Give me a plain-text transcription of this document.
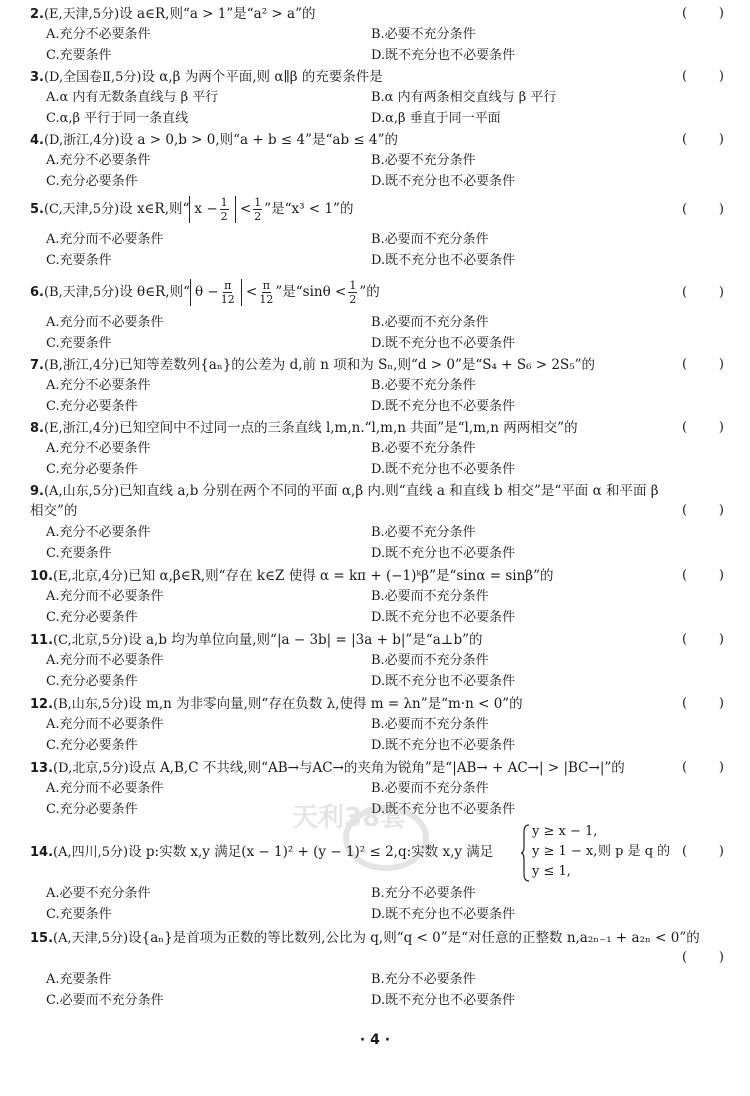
2.(E,天津,5分)设 a∈R,则“a > 1”是“a² > a”的	( )
A.充分不必要条件	B.必要不充分条件
C.充要条件	D.既不充分也不必要条件
3.(D,全国卷Ⅱ,5分)设 α,β 为两个平面,则 α∥β 的充要条件是	( )
A.α 内有无数条直线与 β 平行	B.α 内有两条相交直线与 β 平行
C.α,β 平行于同一条直线	D.α,β 垂直于同一平面
4.(D,浙江,4分)设 a > 0,b > 0,则“a + b ≤ 4”是“ab ≤ 4”的	( )
A.充分不必要条件	B.必要不充分条件
C.充分必要条件	D.既不充分也不必要条件
5.(C,天津,5分)设 x∈R,则“ $x - \frac{1}{2} < \frac{1}{2}$ ”是“x³ < 1”的	( )
A.充分而不必要条件	B.必要而不充分条件
C.充要条件	D.既不充分也不必要条件
6.(B,天津,5分)设 θ∈R,则“ $\theta - \frac{\pi}{12} < \frac{\pi}{12}$ ”是“$\sin\theta < \frac{1}{2}$ ”的	( )
A.充分而不必要条件	B.必要而不充分条件
C.充要条件	D.既不充分也不必要条件
7.(B,浙江,4分)已知等差数列{aₙ}的公差为 d,前 n 项和为 Sₙ,则“d > 0”是“S₄ + S₆ > 2S₅”的	( )
A.充分不必要条件	B.必要不充分条件
C.充分必要条件	D.既不充分也不必要条件
8.(E,浙江,4分)已知空间中不过同一点的三条直线 l,m,n.“l,m,n 共面”是“l,m,n 两两相交”的	( )
A.充分不必要条件	B.必要不充分条件
C.充分必要条件	D.既不充分也不必要条件
9.(A,山东,5分)已知直线 a,b 分别在两个不同的平面 α,β 内.则“直线 a 和直线 b 相交”是“平面 α 和平面 β
相交”的	( )
A.充分不必要条件	B.必要不充分条件
C.充要条件	D.既不充分也不必要条件
10.(E,北京,4分)已知 α,β∈R,则“存在 k∈Z 使得 α = kπ + (−1)ᵏβ”是“sinα = sinβ”的	( )
A.充分而不必要条件	B.必要而不充分条件
C.充分必要条件	D.既不充分也不必要条件
11.(C,北京,5分)设 a,b 均为单位向量,则“|a − 3b| = |3a + b|”是“a⊥b”的	( )
A.充分而不必要条件	B.必要而不充分条件
C.充分必要条件	D.既不充分也不必要条件
12.(B,山东,5分)设 m,n 为非零向量,则“存在负数 λ,使得 m = λn”是“m·n < 0”的	( )
A.充分而不必要条件	B.必要而不充分条件
C.充分必要条件	D.既不充分也不必要条件
13.(D,北京,5分)设点 A,B,C 不共线,则“AB→与AC→的夹角为锐角”是“|AB→ + AC→| > |BC→|”的	( )
A.充分而不必要条件	B.必要而不充分条件
C.充分必要条件	D.既不充分也不必要条件
天利38套
14.(A,四川,5分)设 p:实数 x,y 满足(x − 1)² + (y − 1)² ≤ 2,q:实数 x,y 满足
y ≥ x − 1,
y ≥ 1 − x,
y ≤ 1,
则 p 是 q 的 ( )
A.必要不充分条件	B.充分不必要条件
C.充要条件	D.既不充分也不必要条件
15.(A,天津,5分)设{aₙ}是首项为正数的等比数列,公比为 q,则“q < 0”是“对任意的正整数 n,a₂ₙ₋₁ + a₂ₙ < 0”的
( )
A.充要条件	B.充分不必要条件
C.必要而不充分条件	D.既不充分也不必要条件
· 4 ·
